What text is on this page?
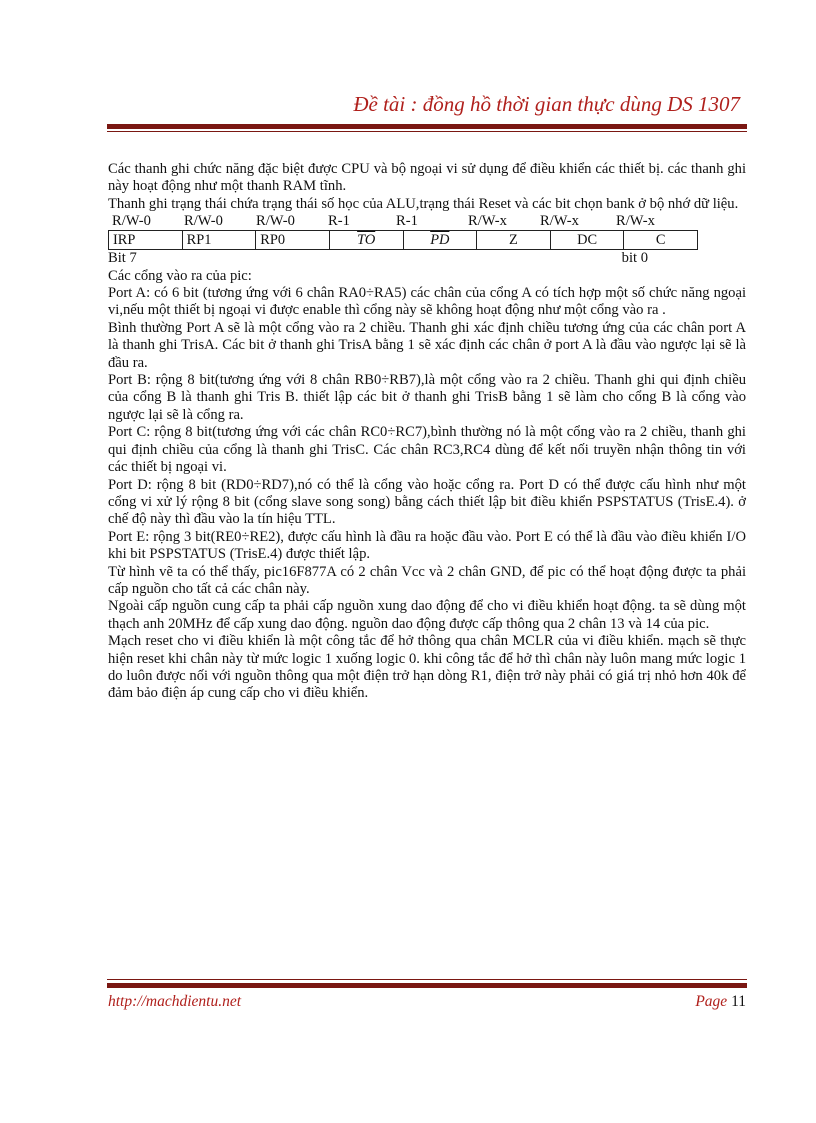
Đề tài : đồng hồ thời gian thực dùng DS 1307

Các thanh ghi chức năng đặc biệt được CPU và bộ ngoại vi sử dụng để điều khiển các thiết bị. các thanh ghi này hoạt động như một thanh RAM tĩnh.

Thanh ghi trạng thái chứa trạng thái số học của ALU,trạng thái Reset và các bit chọn bank ở bộ nhớ dữ liệu.

R/W-0	R/W-0	R/W-0	R-1	R-1	R/W-x	R/W-x	R/W-x
IRP	RP1	RP0	$\overline{TO}$	$\overline{PD}$	Z	DC	C
Bit 7	bit 0

Các cổng vào ra của pic:

Port A: có 6 bit (tương ứng với 6 chân RA0÷RA5) các chân của cổng A có tích hợp một số chức năng ngoại vi,nếu một thiết bị ngoại vi được enable thì cổng này sẽ không hoạt động như một cổng vào ra .

Bình thường Port A sẽ là một cổng vào ra 2 chiều. Thanh ghi xác định chiều tương ứng của các chân port A là thanh ghi TrisA. Các bit ở thanh ghi TrisA bằng 1 sẽ xác định các chân ở port A là đầu vào ngược lại sẽ là đầu ra.

Port B: rộng 8 bit(tương ứng với 8 chân RB0÷RB7),là một cổng vào ra 2 chiều. Thanh ghi qui định chiều của cổng B là thanh ghi Tris B. thiết lập các bit ở thanh ghi TrisB bằng 1 sẽ làm cho cổng B là cổng vào ngược lại sẽ là cổng ra.

Port C: rộng 8 bit(tương ứng với các chân RC0÷RC7),bình thường nó là một cổng vào ra 2 chiều, thanh ghi qui định chiều của cổng là thanh ghi TrisC. Các chân RC3,RC4 dùng để kết nối truyền nhận thông tin với các thiết bị ngoại vi.

Port D: rộng 8 bit (RD0÷RD7),nó có thể là cổng vào hoặc cổng ra. Port D có thể được cấu hình như một cổng vi xử lý rộng 8 bit (cổng slave song song) bằng cách thiết lập bit điều khiển PSPSTATUS (TrisE.4). ở chế độ này thì đầu vào la tín hiệu TTL.

Port E: rộng 3 bit(RE0÷RE2), được cấu hình là đầu ra hoặc đầu vào. Port E có thể là đầu vào điều khiển I/O khi bit PSPSTATUS (TrisE.4) được thiết lập.

Từ hình vẽ ta có thể thấy, pic16F877A có 2 chân Vcc và 2 chân GND, để pic có thể hoạt động được ta phải cấp nguồn cho tất cả các chân này.

Ngoài cấp nguồn cung cấp ta phải cấp nguồn xung dao động để cho vi điều khiển hoạt động. ta sẽ dùng một thạch anh 20MHz để cấp xung dao động. nguồn dao động được cấp thông qua 2 chân 13 và 14 của pic.

Mạch reset cho vi điều khiển là một công tắc để hở thông qua chân MCLR của vi điều khiển. mạch sẽ thực hiện reset khi chân này từ mức logic 1 xuống logic 0. khi công tắc để hở thì chân này luôn mang mức logic 1 do luôn được nối với nguồn thông qua một điện trở hạn dòng R1, điện trở này phải có giá trị nhỏ hơn 40k để đảm bảo điện áp cung cấp cho vi điều khiển.

http://machdientu.net	Page 11
